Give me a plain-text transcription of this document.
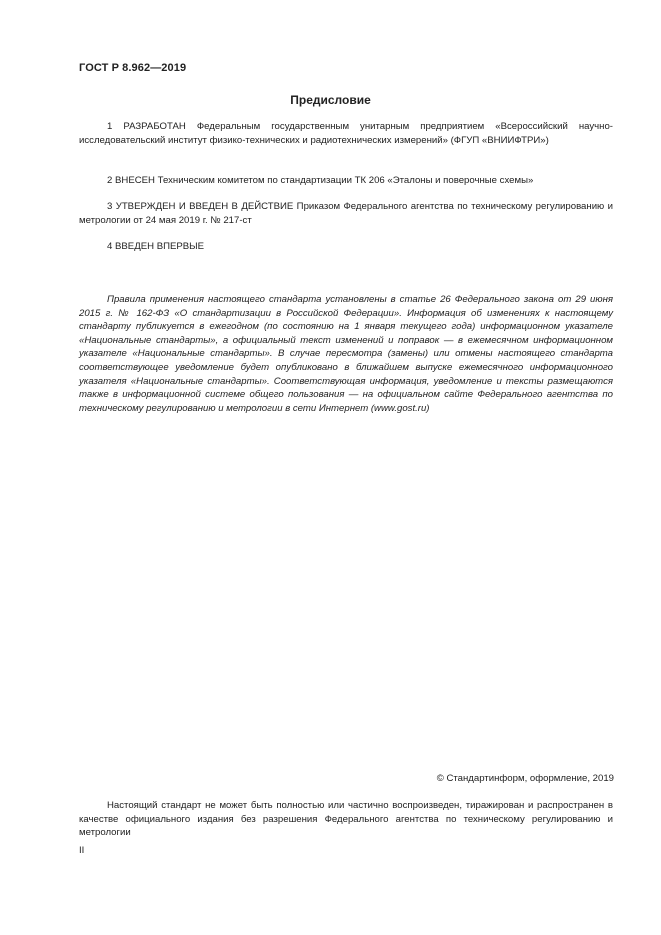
ГОСТ Р 8.962—2019
Предисловие

1 РАЗРАБОТАН Федеральным государственным унитарным предприятием «Всероссийский научно-исследовательский институт физико-технических и радиотехнических измерений» (ФГУП «ВНИИФТРИ»)

2 ВНЕСЕН Техническим комитетом по стандартизации ТК 206 «Эталоны и поверочные схемы»

3 УТВЕРЖДЕН И ВВЕДЕН В ДЕЙСТВИЕ Приказом Федерального агентства по техническому регулированию и метрологии от 24 мая 2019 г. № 217-ст

4 ВВЕДЕН ВПЕРВЫЕ

Правила применения настоящего стандарта установлены в статье 26 Федерального закона от 29 июня 2015 г. № 162-ФЗ «О стандартизации в Российской Федерации». Информация об изменениях к настоящему стандарту публикуется в ежегодном (по состоянию на 1 января текущего года) информационном указателе «Национальные стандарты», а официальный текст изменений и поправок — в ежемесячном информационном указателе «Национальные стандарты». В случае пересмотра (замены) или отмены настоящего стандарта соответствующее уведомление будет опубликовано в ближайшем выпуске ежемесячного информационного указателя «Национальные стандарты». Соответствующая информация, уведомление и тексты размещаются также в информационной системе общего пользования — на официальном сайте Федерального агентства по техническому регулированию и метрологии в сети Интернет (www.gost.ru)

© Стандартинформ, оформление, 2019

Настоящий стандарт не может быть полностью или частично воспроизведен, тиражирован и распространен в качестве официального издания без разрешения Федерального агентства по техническому регулированию и метрологии

II
